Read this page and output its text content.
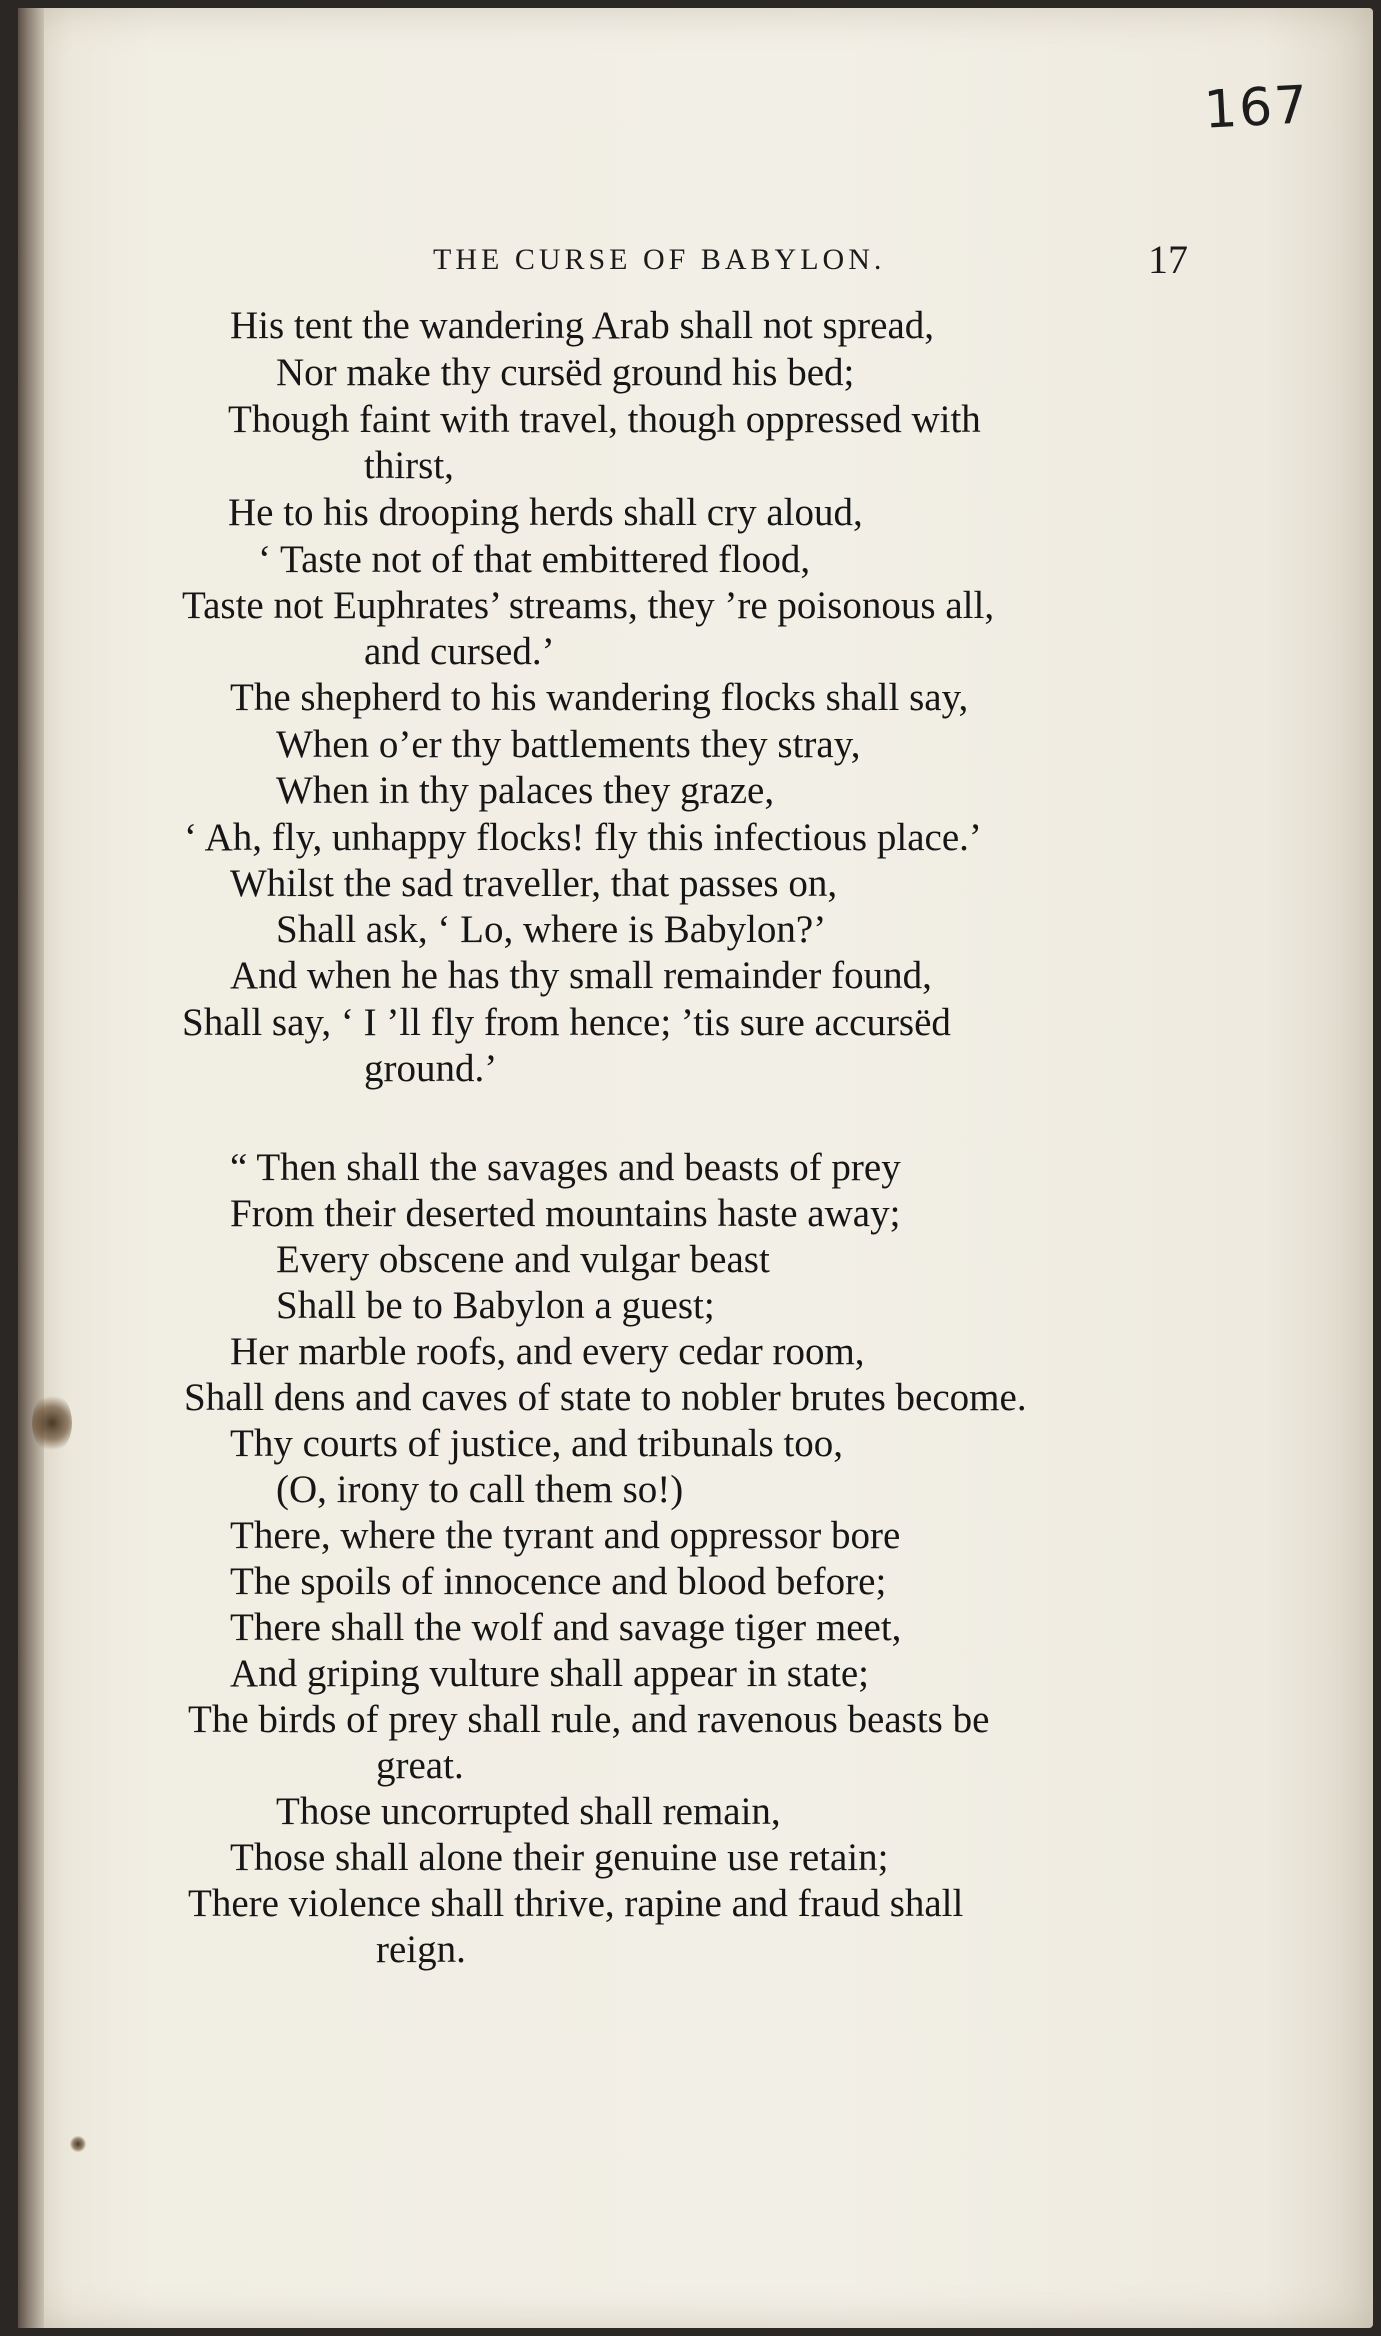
167
THE CURSE OF BABYLON.	17
His tent the wandering Arab shall not spread,
Nor make thy cursëd ground his bed;
Though faint with travel, though oppressed with
thirst,
He to his drooping herds shall cry aloud,
‘ Taste not of that embittered flood,
Taste not Euphrates’ streams, they ’re poisonous all,
and cursed.’
The shepherd to his wandering flocks shall say,
When o’er thy battlements they stray,
When in thy palaces they graze,
‘ Ah, fly, unhappy flocks! fly this infectious place.’
Whilst the sad traveller, that passes on,
Shall ask, ‘ Lo, where is Babylon?’
And when he has thy small remainder found,
Shall say, ‘ I ’ll fly from hence; ’tis sure accursëd
ground.’
“ Then shall the savages and beasts of prey
From their deserted mountains haste away;
Every obscene and vulgar beast
Shall be to Babylon a guest;
Her marble roofs, and every cedar room,
Shall dens and caves of state to nobler brutes become.
Thy courts of justice, and tribunals too,
(O, irony to call them so!)
There, where the tyrant and oppressor bore
The spoils of innocence and blood before;
There shall the wolf and savage tiger meet,
And griping vulture shall appear in state;
The birds of prey shall rule, and ravenous beasts be
great.
Those uncorrupted shall remain,
Those shall alone their genuine use retain;
There violence shall thrive, rapine and fraud shall
reign.
